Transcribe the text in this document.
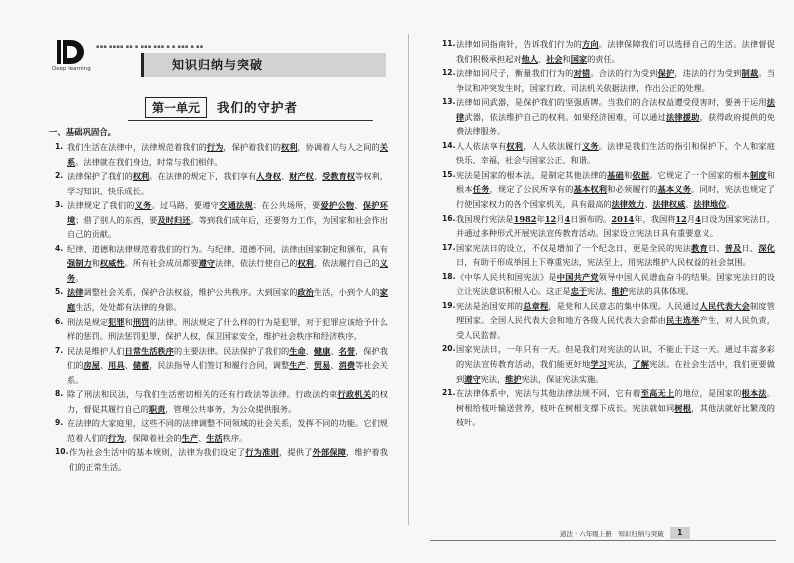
Deep learning
▪▪▪ ▪▪▪▪ ▪▪ ▪ ▪▪▪ ▪▪▪ ▪ ▪ ▪▪▪ ▪ ▪▪
知识归纳与突破
第一单元	我们的守护者
一、基础巩固合。
1. 我们生活在法律中，法律规范着我们的行为，保护着我们的权利，协调着人与人之间的关系。法律就在我们身边，时常与我们相伴。
2. 法律保护了我们的权利。在法律的规定下，我们享有人身权、财产权、受教育权等权利，学习知识、快乐成长。
3. 法律规定了我们的义务。过马路，要遵守交通法规；在公共场所，要爱护公物、保护环境；借了别人的东西，要及时归还。等到我们成年后，还要努力工作，为国家和社会作出自己的贡献。
4. 纪律、道德和法律规范着我们的行为。与纪律、道德不同，法律由国家制定和颁布，具有强制力和权威性。所有社会成员都要遵守法律，依法行使自己的权利，依法履行自己的义务。
5. 法律调整社会关系，保护合法权益，维护公共秩序。大到国家的政治生活，小到个人的家庭生活，处处都有法律的身影。
6. 刑法是规定犯罪和刑罚的法律。刑法规定了什么样的行为是犯罪，对于犯罪应该给予什么样的惩罚。刑法惩罚犯罪，保护人权，保卫国家安全，维护社会秩序和经济秩序。
7. 民法是维护人们日常生活秩序的主要法律。民法保护了我们的生命、健康、名誉，保护我们的房屋、用具、储蓄，民法指导人们签订和履行合同，调整生产、贸易、消费等社会关系。
8. 除了刑法和民法，与我们生活密切相关的还有行政法等法律。行政法约束行政机关的权力，督促其履行自己的职责，管理公共事务，为公众提供服务。
9. 在法律的大家庭里，这些不同的法律调整不同领域的社会关系，发挥不同的功能。它们规范着人们的行为，保障着社会的生产、生活秩序。
10. 作为社会生活中的基本规则，法律为我们设定了行为准则，提供了外部保障，维护着我们的正常生活。
11. 法律如同指南针，告诉我们行为的方向。法律保障我们可以选择自己的生活。法律督促我们积极承担起对他人、社会和国家的责任。
12. 法律如同尺子，衡量我们行为的对错。合法的行为受到保护，违法的行为受到制裁。当争议和冲突发生时，国家行政、司法机关依据法律，作出公正的处理。
13. 法律如同武器，是保护我们的坚强盾牌。当我们的合法权益遭受侵害时，要善于运用法律武器，依法维护自己的权利。如果经济困难，可以通过法律援助，获得政府提供的免费法律服务。
14. 人人依法享有权利，人人依法履行义务。法律是我们生活的指引和保护下，个人和家庭快乐、幸福，社会与国家公正、和谐。
15. 宪法是国家的根本法，是制定其他法律的基础和依据。它规定了一个国家的根本制度和根本任务，规定了公民所享有的基本权利和必须履行的基本义务。同时，宪法也规定了行使国家权力的各个国家机关，具有最高的法律效力、法律权威、法律地位。
16. 我国现行宪法是1982年12月4日颁布的。2014年，我国将12月4日设为国家宪法日，并通过多种形式开展宪法宣传教育活动。国家设立宪法日具有重要意义。
17. 国家宪法日的设立，不仅是增加了一个纪念日，更是全民的宪法教育日、普及日、深化日，有助于形成举国上下尊重宪法，宪法至上，用宪法维护人民权益的社会氛围。
18. 《中华人民共和国宪法》是中国共产党领导中国人民谱血奋斗的结果。国家宪法日的设立让宪法意识积根人心。这正是忠于宪法、维护宪法的具体体现。
19. 宪法是治国安邦的总章程，是党和人民意志的集中体现。人民通过人民代表大会制度管理国家。全国人民代表大会和地方各级人民代表大会都由民主选举产生，对人民负责，受人民监督。
20. 国家宪法日，一年只有一天。但是我们对宪法的认识，不能止于这一天。通过丰富多彩的宪法宣传教育活动，我们能更好地学习宪法，了解宪法。在社会生活中，我们更要做到遵守宪法，维护宪法，保证宪法实施。
21. 在法律体系中，宪法与其他法律法规不同，它有着至高无上的地位，是国家的根本法。树根给枝叶输送营养，枝叶在树根支撑下成长。宪法就如同树根，其他法就好比繁茂的枝叶。
道法 · 六年级上册　知识归纳与突破	1
